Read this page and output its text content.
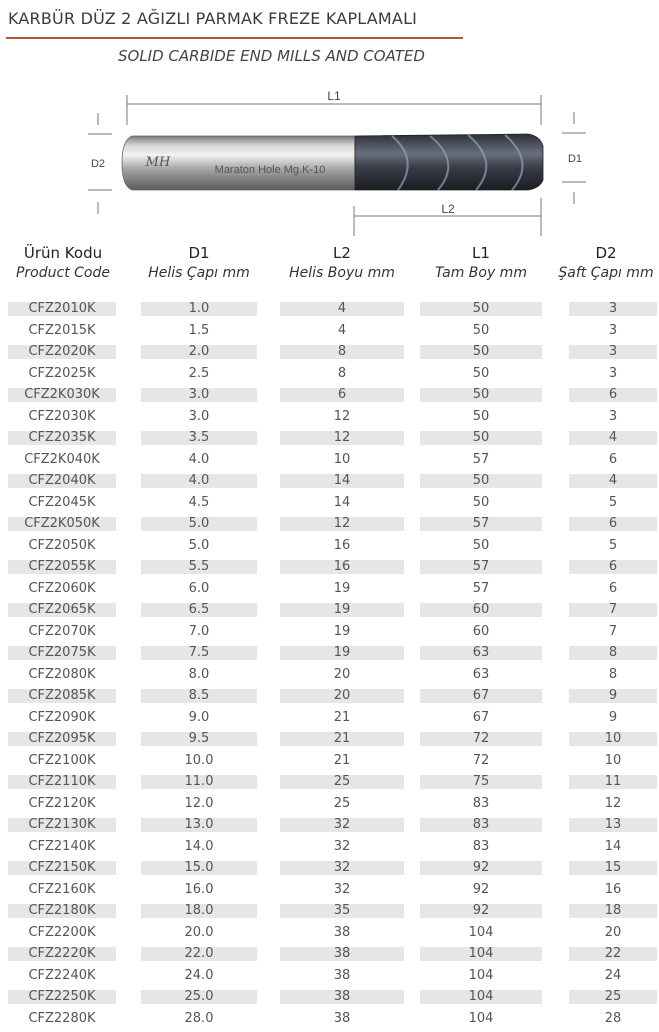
KARBÜR DÜZ 2 AĞIZLI PARMAK FREZE KAPLAMALI
SOLID CARBIDE END MILLS AND COATED
L1
D2	D1
MH	Maraton Hole Mg.K-10
L2
Ürün Kodu
Product Code
D1
Helis Çapı mm
L2
Helis Boyu mm
L1
Tam Boy mm
D2
Şaft Çapı mm
CFZ2010K	1.0	4	50	3
CFZ2015K	1.5	4	50	3
CFZ2020K	2.0	8	50	3
CFZ2025K	2.5	8	50	3
CFZ2K030K	3.0	6	50	6
CFZ2030K	3.0	12	50	3
CFZ2035K	3.5	12	50	4
CFZ2K040K	4.0	10	57	6
CFZ2040K	4.0	14	50	4
CFZ2045K	4.5	14	50	5
CFZ2K050K	5.0	12	57	6
CFZ2050K	5.0	16	50	5
CFZ2055K	5.5	16	57	6
CFZ2060K	6.0	19	57	6
CFZ2065K	6.5	19	60	7
CFZ2070K	7.0	19	60	7
CFZ2075K	7.5	19	63	8
CFZ2080K	8.0	20	63	8
CFZ2085K	8.5	20	67	9
CFZ2090K	9.0	21	67	9
CFZ2095K	9.5	21	72	10
CFZ2100K	10.0	21	72	10
CFZ2110K	11.0	25	75	11
CFZ2120K	12.0	25	83	12
CFZ2130K	13.0	32	83	13
CFZ2140K	14.0	32	83	14
CFZ2150K	15.0	32	92	15
CFZ2160K	16.0	32	92	16
CFZ2180K	18.0	35	92	18
CFZ2200K	20.0	38	104	20
CFZ2220K	22.0	38	104	22
CFZ2240K	24.0	38	104	24
CFZ2250K	25.0	38	104	25
CFZ2280K	28.0	38	104	28
